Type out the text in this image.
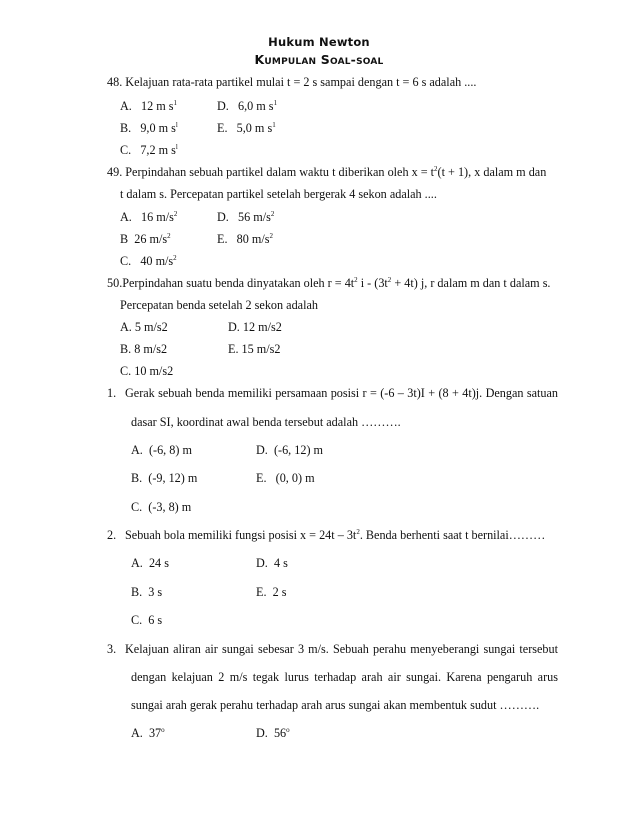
Hukum Newton
Kumpulan Soal-soal
48. Kelajuan rata-rata partikel mulai t = 2 s sampai dengan t = 6 s adalah ....
A. 12 m $s^1$	D. 6,0 m $s^1$
B. 9,0 m $s^l$	E. 5,0 m $s^1$
C. 7,2 m $s^l$
49. Perpindahan sebuah partikel dalam waktu t diberikan oleh $x = t^2(t + 1)$, x dalam m dan
t dalam s. Percepatan partikel setelah bergerak 4 sekon adalah ....
A. 16 $m/s^2$	D. 56 $m/s^2$
B 26 $m/s^2$	E. 80 $m/s^2$
C. 40 $m/s^2$
50.Perpindahan suatu benda dinyatakan oleh $r = 4t^2$ $i - (3t^2 + 4t)$ j, r dalam m dan t dalam s.
Percepatan benda setelah 2 sekon adalah
A. 5 m/s2	D. 12 m/s2
B. 8 m/s2	E. 15 m/s2
C. 10 m/s2
1. Gerak sebuah benda memiliki persamaan posisi r = (-6 – 3t)I + (8 + 4t)j. Dengan satuan
dasar SI, koordinat awal benda tersebut adalah ……….
A. (-6, 8) m	D. (-6, 12) m
B. (-9, 12) m	E. (0, 0) m
C. (-3, 8) m
2. Sebuah bola memiliki fungsi posisi $x = 24t - 3t^2$. Benda berhenti saat t bernilai………
A. 24 s	D. 4 s
B. 3 s	E. 2 s
C. 6 s
3. Kelajuan aliran air sungai sebesar 3 m/s. Sebuah perahu menyeberangi sungai tersebut
dengan kelajuan 2 m/s tegak lurus terhadap arah air sungai. Karena pengaruh arus
sungai arah gerak perahu terhadap arah arus sungai akan membentuk sudut ……….
A. 37$^o$	D. 56$^o$
